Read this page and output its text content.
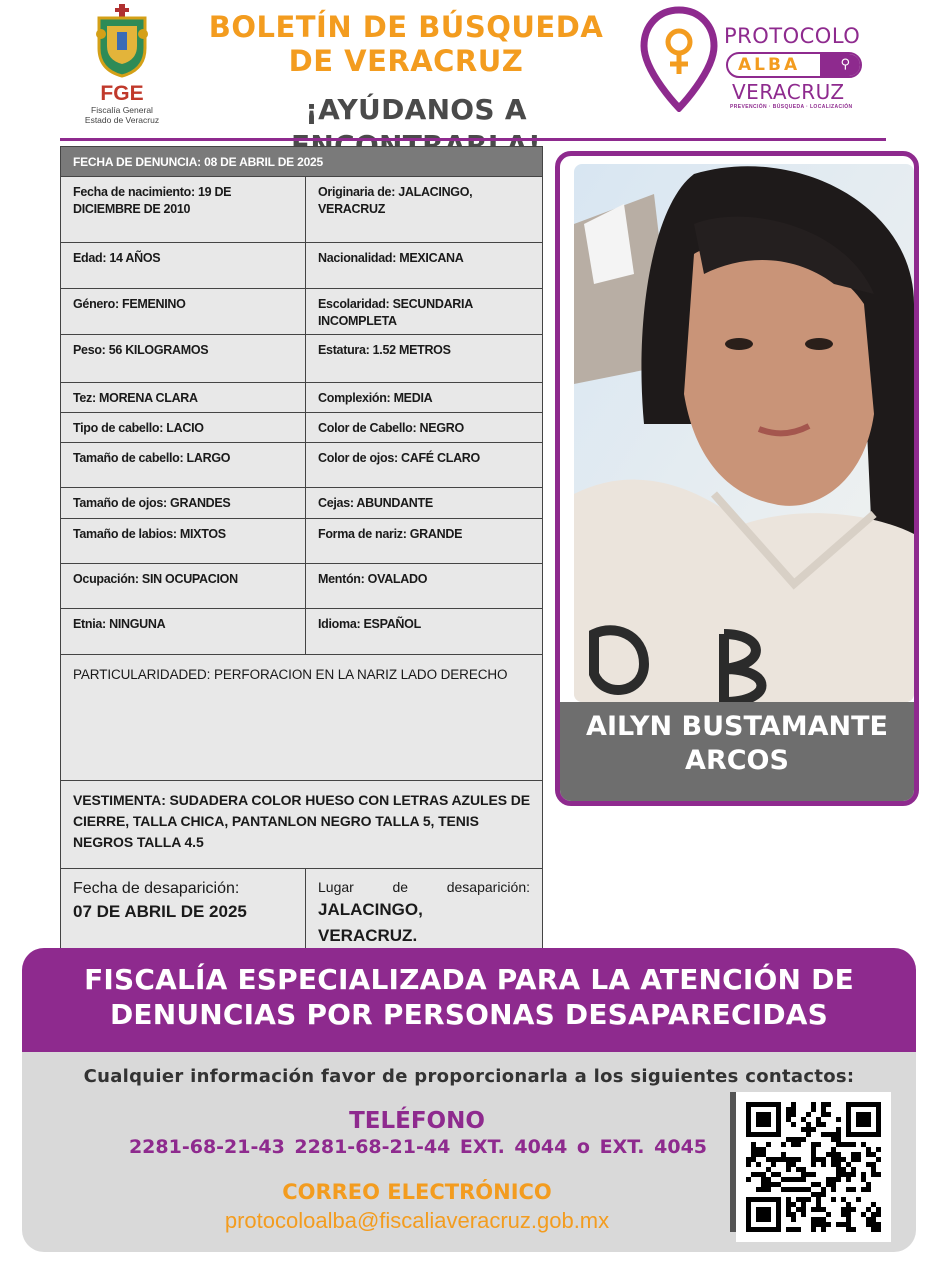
FGE
Fiscalía General
Estado de Veracruz
BOLETÍN DE BÚSQUEDA
DE VERACRUZ
¡AYÚDANOS A
PROTOCOLO
ALBA	⚲
VERACRUZ
PREVENCIÓN · BÚSQUEDA · LOCALIZACIÓN
FECHA DE DENUNCIA: 08 DE ABRIL DE 2025
Fecha de nacimiento: 19 DE DICIEMBRE DE 2010
Originaria de: JALACINGO, VERACRUZ
Edad: 14 AÑOS	Nacionalidad: MEXICANA
Género: FEMENINO	Escolaridad: SECUNDARIA INCOMPLETA
Peso: 56 KILOGRAMOS	Estatura: 1.52 METROS
Tez: MORENA CLARA	Complexión: MEDIA
Tipo de cabello: LACIO	Color de Cabello: NEGRO
Tamaño de cabello: LARGO	Color de ojos: CAFÉ CLARO
Tamaño de ojos: GRANDES	Cejas: ABUNDANTE
Tamaño de labios: MIXTOS	Forma de nariz: GRANDE
Ocupación: SIN OCUPACION	Mentón: OVALADO
Etnia: NINGUNA	Idioma: ESPAÑOL
PARTICULARIDADED: PERFORACION EN LA NARIZ LADO DERECHO
VESTIMENTA: SUDADERA COLOR HUESO CON LETRAS AZULES DE CIERRE, TALLA CHICA, PANTANLON NEGRO TALLA 5, TENIS NEGROS TALLA 4.5
Fecha de desaparición:
07 DE ABRIL DE 2025
Lugar de desaparición:
JALACINGO,
VERACRUZ.
AILYN BUSTAMANTE
ARCOS
FISCALÍA ESPECIALIZADA PARA LA ATENCIÓN DE
DENUNCIAS POR PERSONAS DESAPARECIDAS
Cualquier información favor de proporcionarla a los siguientes contactos:
TELÉFONO
2281-68-21-43 2281-68-21-44 EXT. 4044 o EXT. 4045
CORREO ELECTRÓNICO
protocoloalba@fiscaliaveracruz.gob.mx
